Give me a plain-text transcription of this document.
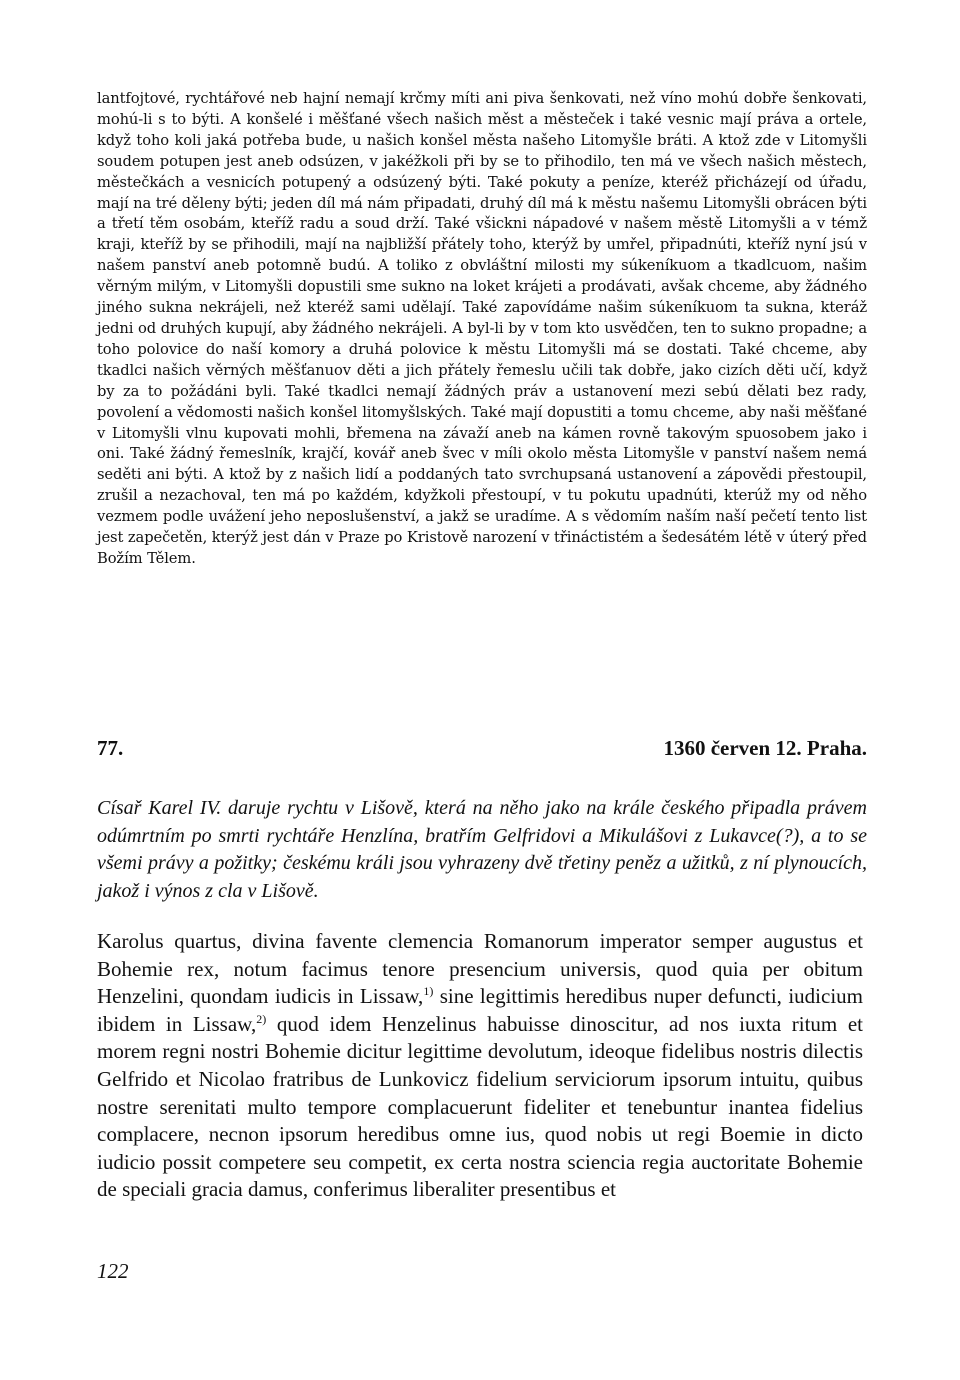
lantfojtové, rychtářové neb hajní nemají krčmy míti ani piva šenkovati, než víno mohú dobře šenkovati, mohú-li s to býti. A konšelé i měšťané všech našich měst a městeček i také vesnic mají práva a ortele, když toho koli jaká potřeba bude, u našich konšel města našeho Litomyšle bráti. A ktož zde v Litomyšli soudem potupen jest aneb odsúzen, v jakéžkoli při by se to přihodilo, ten má ve všech našich městech, městečkách a vesnicích potupený a odsúzený býti. Také pokuty a peníze, kteréž přicházejí od úřadu, mají na tré děleny býti; jeden díl má nám připadati, druhý díl má k městu našemu Litomyšli obrácen býti a třetí těm osobám, kteříž radu a soud drží. Také všickni nápadové v našem městě Litomyšli a v témž kraji, kteříž by se přihodili, mají na najbližší přátely toho, kterýž by umřel, připadnúti, kteříž nyní jsú v našem panství aneb potomně budú. A toliko z obvláštní milosti my súkeníkuom a tkadlcuom, našim věrným milým, v Litomyšli dopustili sme sukno na loket krájeti a prodávati, avšak chceme, aby žádného jiného sukna nekrájeli, než kteréž sami udělají. Také zapovídáme našim súkeníkuom ta sukna, kteráž jedni od druhých kupují, aby žádného nekrájeli. A byl-li by v tom kto usvědčen, ten to sukno propadne; a toho polovice do naší komory a druhá polovice k městu Litomyšli má se dostati. Také chceme, aby tkadlci našich věrných měšťanuov děti a jich přátely řemeslu učili tak dobře, jako cizích děti učí, když by za to požádáni byli. Také tkadlci nemají žádných práv a ustanovení mezi sebú dělati bez rady, povolení a vědomosti našich konšel litomyšlských. Také mají dopustiti a tomu chceme, aby naši měšťané v Litomyšli vlnu kupovati mohli, břemena na závaží aneb na kámen rovně takovým spuosobem jako i oni. Také žádný řemeslník, krajčí, kovář aneb švec v míli okolo města Litomyšle v panství našem nemá seděti ani býti. A ktož by z našich lidí a poddaných tato svrchupsaná ustanovení a zápovědi přestoupil, zrušil a nezachoval, ten má po každém, kdyžkoli přestoupí, v tu pokutu upadnúti, kterúž my od něho vezmem podle uvážení jeho neposlušenství, a jakž se uradíme. A s vědomím naším naší pečetí tento list jest zapečetěn, kterýž jest dán v Praze po Kristově narození v třináctistém a šedesátém létě v úterý před Božím Tělem.
77.	1360 červen 12. Praha.
Císař Karel IV. daruje rychtu v Lišově, která na něho jako na krále českého připadla právem odúmrtním po smrti rychtáře Henzlína, bratřím Gelfridovi a Mikulášovi z Lukavce(?), a to se všemi právy a požitky; českému králi jsou vyhrazeny dvě třetiny peněz a užitků, z ní plynoucích, jakož i výnos z cla v Lišově.
Karolus quartus, divina favente clemencia Romanorum imperator semper augustus et Bohemie rex, notum facimus tenore presencium universis, quod quia per obitum Henzelini, quondam iudicis in Lissaw,$^{1)}$ sine legittimis heredibus nuper defuncti, iudicium ibidem in Lissaw,$^{2)}$ quod idem Henzelinus habuisse dinoscitur, ad nos iuxta ritum et morem regni nostri Bohemie dicitur legittime devolutum, ideoque fidelibus nostris dilectis Gelfrido et Nicolao fratribus de Lunkovicz fidelium serviciorum ipsorum intuitu, quibus nostre serenitati multo tempore complacuerunt fideliter et tenebuntur inantea fidelius complacere, necnon ipsorum heredibus omne ius, quod nobis ut regi Boemie in dicto iudicio possit competere seu competit, ex certa nostra sciencia regia auctoritate Bohemie de speciali gracia damus, conferimus liberaliter presentibus et
122
